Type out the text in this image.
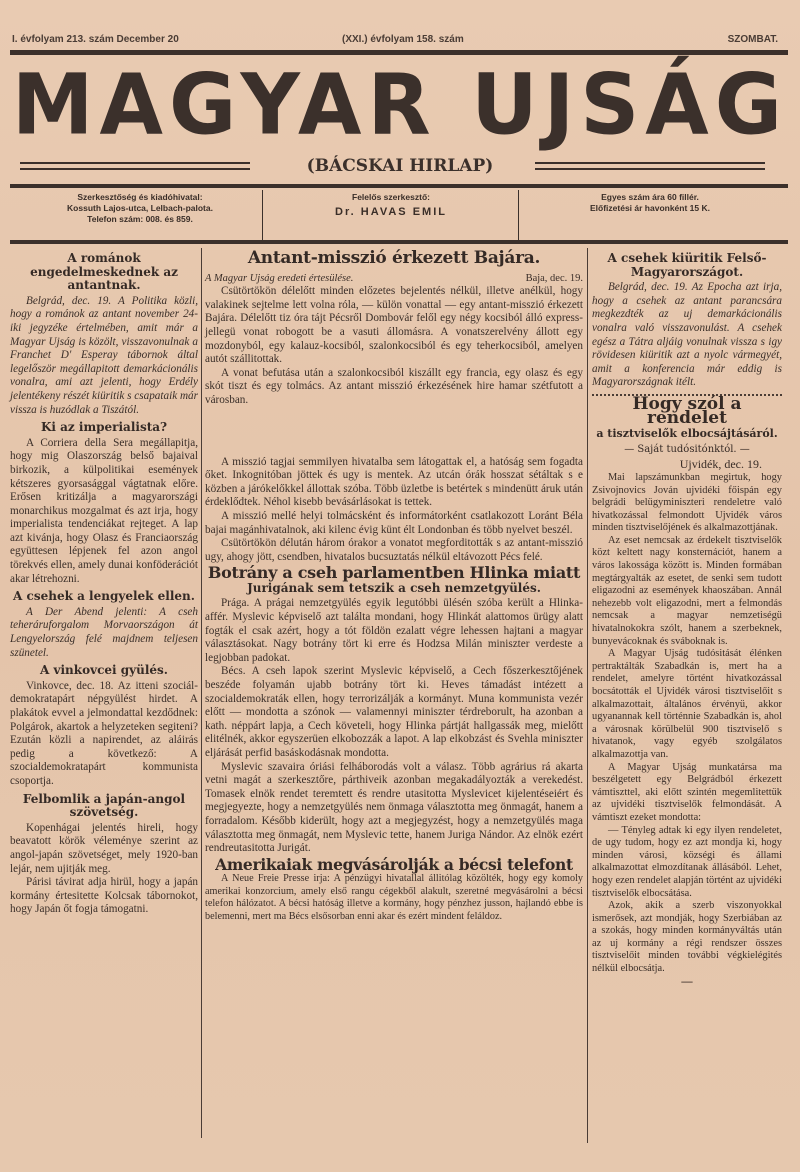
I. évfolyam 213. szám December 20	(XXI.) évfolyam 158. szám	SZOMBAT.
MAGYAR UJSÁG
(BÁCSKAI HIRLAP)
Szerkesztőség és kiadóhivatal:
Kossuth Lajos-utca, Lelbach-palota.
Telefon szám: 008. és 859.
Felelős szerkesztő:
Dr. HAVAS EMIL
Egyes szám ára 60 fillér.
Előfizetési ár havonként 15 K.
A románok engedelmeskednek az antantnak.

Belgrád, dec. 19. A Politika közli, hogy a románok az antant november 24-iki jegyzéke értelmében, amit már a Magyar Ujság is közölt, visszavonulnak a Franchet D' Esperay tábornok által legelőször megállapitott demarkácionális vonalra, ami azt jelenti, hogy Erdély jelentékeny részét kiüritik s csapataik már vissza is huzódlak a Tiszától.

Ki az imperialista?

A Corriera della Sera megállapitja, hogy mig Olaszország belső bajaival birkozik, a külpolitikai események kétszeres gyorsasággal vágtatnak előre. Erősen kritizálja a magyarországi monarchikus mozgalmat és azt irja, hogy imperialista tendenciákat rejteget. A lap azt kivánja, hogy Olasz és Franciaország együttesen lépjenek fel azon angol törekvés ellen, amely dunai konföderációt akar létrehozni.

A csehek a lengyelek ellen.

A Der Abend jelenti: A cseh teheráruforgalom Morvaországon át Lengyelország felé majdnem teljesen szünetel.

A vinkovcei gyülés.

Vinkovce, dec. 18. Az itteni szociál-demokratapárt népgyülést hirdet. A plakátok evvel a jelmondattal kezdődnek: Polgárok, akartok a helyzeteken segiteni? Ezután közli a napirendet, az aláirás pedig a következő: A szocialdemokratapárt kommunista csoportja.

Felbomlik a japán-angol szövetség.

Kopenhágai jelentés hireli, hogy beavatott körök véleménye szerint az angol-japán szövetséget, mely 1920-ban lejár, nem ujitják meg.

Párisi távirat adja hirül, hogy a japán kormány értesitette Kolcsak tábornokot, hogy Japán őt fogja támogatni.

Antant-misszió érkezett Bajára.
A Magyar Ujság eredeti értesülése.	Baja, dec. 19.

Csütörtökön délelőtt minden előzetes bejelentés nélkül, illetve anélkül, hogy valakinek sejtelme lett volna róla, — külön vonattal — egy antant-misszió érkezett Bajára. Délelőtt tiz óra tájt Pécsről Dombovár felől egy négy kocsiból álló express-jellegü vonat robogott be a vasuti állomásra. A vonatszerelvény állott egy mozdonyból, egy kalauz-kocsiból, szalonkocsiból és egy teherkocsiból, amelyen autót szállitottak.

A vonat befutása után a szalonkocsiból kiszállt egy francia, egy olasz és egy skót tiszt és egy tolmács. Az antant misszió érkezésének hire hamar szétfutott a városban.

A misszió tagjai semmilyen hivatalba sem látogattak el, a hatóság sem fogadta őket. Inkognitóban jöttek és ugy is mentek. Az utcán órák hosszat sétáltak s e közben a járókelőkkel állottak szóba. Több üzletbe is betértek s mindenütt áruk után érdeklődtek. Néhol kisebb bevásárlásokat is tettek.

A misszió mellé helyi tolmácsként és informátorként csatlakozott Loránt Béla bajai magánhivatalnok, aki kilenc évig künt élt Londonban és több nyelvet beszél.

Csütörtökön délután három órakor a vonatot megforditották s az antant-misszió ugy, ahogy jött, csendben, hivatalos bucsuztatás nélkül eltávozott Pécs felé.

Botrány a cseh parlamentben Hlinka miatt
Jurigának sem tetszik a cseh nemzetgyülés.

Prága. A prágai nemzetgyülés egyik legutóbbi ülésén szóba került a Hlinka-affér. Myslevic képviselő azt találta mondani, hogy Hlinkát alattomos ürügy alatt fogták el csak azért, hogy a tót földön ezalatt végre lehessen hajtani a magyar választásokat. Nagy botrány tört ki erre és Hodzsa Milán miniszter verdeste a legjobban padokat.

Bécs. A cseh lapok szerint Myslevic képviselő, a Cech főszerkesztőjének beszéde folyamán ujabb botrány tört ki. Heves támadást intézett a szocialdemokraták ellen, hogy terrorizálják a kormányt. Muna kommunista vezér előtt — mondotta a szónok — valamennyi miniszter térdreborult, ha azonban a kath. néppárt lapja, a Cech követeli, hogy Hlinka pártját hallgassák meg, mielőtt elitélnék, akkor egyszerüen elkobozzák a lapot. A lap elkobzást és Svehla miniszter eljárását perfid basáskodásnak mondotta.

Myslevic szavaira óriási felháborodás volt a válasz. Több agrárius rá akarta vetni magát a szerkesztőre, párthiveik azonban megakadályozták a verekedést. Tomasek elnök rendet teremtett és rendre utasitotta Myslevicet kijelentéseiért és megjegyezte, hogy a nemzetgyülés nem önmaga választotta meg önmagát, hanem a forradalom. Később kiderült, hogy azt a megjegyzést, hogy a nemzetgyülés maga választotta meg önmagát, nem Myslevic tette, hanem Juriga Nándor. Az elnök ezért rendreutasitotta Jurigát.

Amerikaiak megvásárolják a bécsi telefont

A Neue Freie Presse irja: A pénzügyi hivatallal állitólag közölték, hogy egy komoly amerikai konzorcium, amely első rangu cégekből alakult, szeretné megvásárolni a bécsi telefon hálózatot. A bécsi hatóság illetve a kormány, hogy pénzhez jusson, hajlandó ebbe is belemenni, mert ma Bécs elsősorban enni akar és ezért mindent feláldoz.

A csehek kiüritik Felső-Magyarországot.

Belgrád, dec. 19. Az Epocha azt irja, hogy a csehek az antant parancsára megkezdték az uj demarkácionális vonalra való visszavonulást. A csehek egész a Tátra aljáig vonulnak vissza s igy rövidesen kiüritik azt a nyolc vármegyét, amit a konferencia már eddig is Magyarországnak itélt.

Hogy szól a rendelet
a tisztviselők elbocsájtásáról.
— Saját tudósitónktól. —
Ujvidék, dec. 19.

Mai lapszámunkban megirtuk, hogy Zsivojnovics Jován ujvidéki főispán egy belgrádi belügyminiszteri rendeletre való hivatkozással felmondott Ujvidék város minden tisztviselőjének és alkalmazottjának.

Az eset nemcsak az érdekelt tisztviselők közt keltett nagy konsternációt, hanem a város lakossága között is. Minden formában megtárgyalták az esetet, de senki sem tudott eligazodni az események khaoszában. Annál nehezebb volt eligazodni, mert a felmondás nemcsak a magyar nemzetiségü hivatalnokokra szólt, hanem a szerbeknek, bunyevácoknak és sváboknak is.

A Magyar Ujság tudósitását élénken pertraktálták Szabadkán is, mert ha a rendelet, amelyre történt hivatkozással bocsátották el Ujvidék városi tisztviselőit s alkalmazottait, általános érvényü, akkor ugyanannak kell történnie Szabadkán is, ahol a városnak körülbelül 900 tisztviselő s hivatanok, vagy egyéb szolgálatos alkalmazottja van.

A Magyar Ujság munkatársa ma beszélgetett egy Belgrádból érkezett vámtiszttel, aki előtt szintén megemlitettük az ujvidéki tisztviselők felmondását. A vámtiszt ezeket mondotta:

— Tényleg adtak ki egy ilyen rendeletet, de ugy tudom, hogy ez azt mondja ki, hogy minden városi, községi és állami alkalmazottat elmozdítanak állásából. Lehet, hogy ezen rendelet alapján történt az ujvidéki tisztviselők elbocsátása.

Azok, akik a szerb viszonyokkal ismerősek, azt mondják, hogy Szerbiában az a szokás, hogy minden kormányváltás után az uj kormány a régi rendszer összes tisztviselőit minden további végkielégités nélkül elbocsátja.

—
